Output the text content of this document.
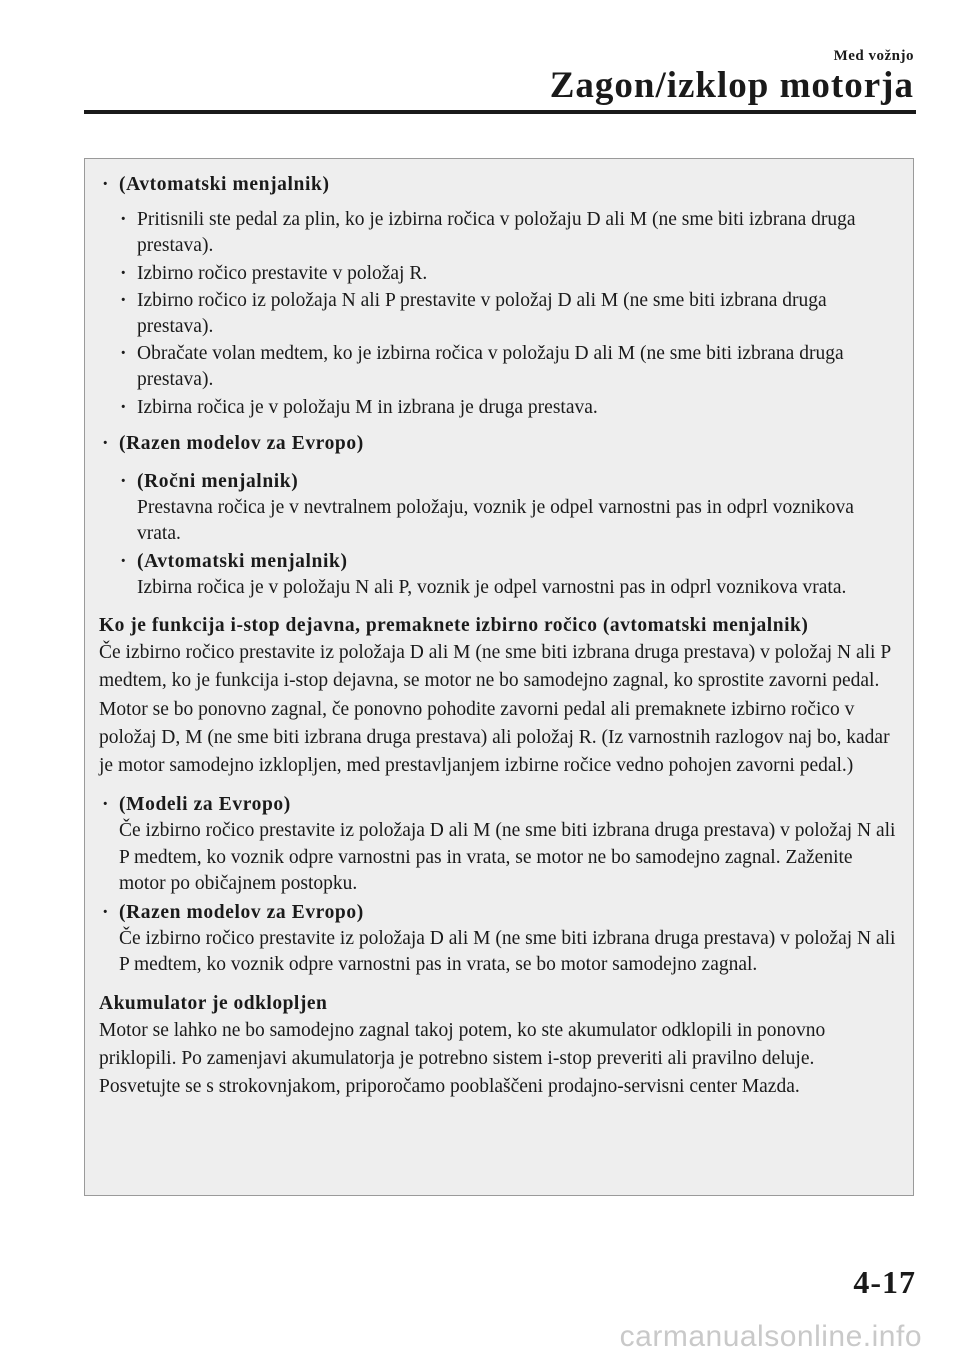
Med vožnjo
Zagon/izklop motorja
· (Avtomatski menjalnik)
· Pritisnili ste pedal za plin, ko je izbirna ročica v položaju D ali M (ne sme biti izbrana druga prestava).
· Izbirno ročico prestavite v položaj R.
· Izbirno ročico iz položaja N ali P prestavite v položaj D ali M (ne sme biti izbrana druga prestava).
· Obračate volan medtem, ko je izbirna ročica v položaju D ali M (ne sme biti izbrana druga prestava).
· Izbirna ročica je v položaju M in izbrana je druga prestava.
· (Razen modelov za Evropo)
· (Ročni menjalnik)
Prestavna ročica je v nevtralnem položaju, voznik je odpel varnostni pas in odprl voznikova vrata.
· (Avtomatski menjalnik)
Izbirna ročica je v položaju N ali P, voznik je odpel varnostni pas in odprl voznikova vrata.
Ko je funkcija i-stop dejavna, premaknete izbirno ročico (avtomatski menjalnik)
Če izbirno ročico prestavite iz položaja D ali M (ne sme biti izbrana druga prestava) v položaj N ali P medtem, ko je funkcija i-stop dejavna, se motor ne bo samodejno zagnal, ko sprostite zavorni pedal. Motor se bo ponovno zagnal, če ponovno pohodite zavorni pedal ali premaknete izbirno ročico v položaj D, M (ne sme biti izbrana druga prestava) ali položaj R. (Iz varnostnih razlogov naj bo, kadar je motor samodejno izklopljen, med prestavljanjem izbirne ročice vedno pohojen zavorni pedal.)
· (Modeli za Evropo)
Če izbirno ročico prestavite iz položaja D ali M (ne sme biti izbrana druga prestava) v položaj N ali P medtem, ko voznik odpre varnostni pas in vrata, se motor ne bo samodejno zagnal. Zaženite motor po običajnem postopku.
· (Razen modelov za Evropo)
Če izbirno ročico prestavite iz položaja D ali M (ne sme biti izbrana druga prestava) v položaj N ali P medtem, ko voznik odpre varnostni pas in vrata, se bo motor samodejno zagnal.
Akumulator je odklopljen
Motor se lahko ne bo samodejno zagnal takoj potem, ko ste akumulator odklopili in ponovno priklopili. Po zamenjavi akumulatorja je potrebno sistem i-stop preveriti ali pravilno deluje. Posvetujte se s strokovnjakom, priporočamo pooblaščeni prodajno-servisni center Mazda.
4-17
carmanualsonline.info
